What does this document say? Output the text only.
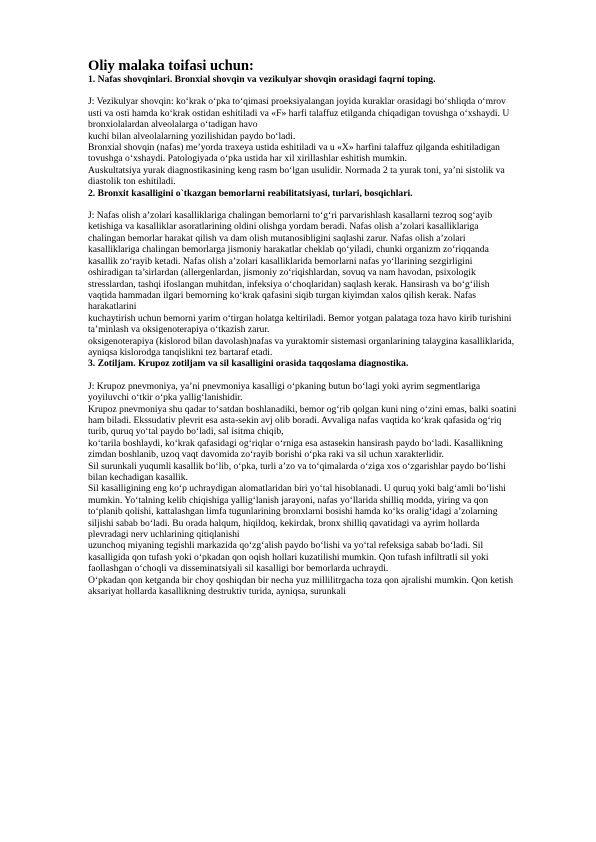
Oliy malaka toifasi uchun:
1. Nafas shovqinlari. Bronxial shovqin va vezikulyar shovqin orasidagi faqrni toping.

J: Vezikulyar shovqin: ko‘krak o‘pka to‘qimasi proeksiyalangan joyida kuraklar orasidagi bo‘shliqda o‘mrov usti va osti hamda ko‘krak ostidan eshitiladi va «F» harfi talaffuz etilganda chiqadigan tovushga o‘xshaydi. U bronxiolalardan alveolalarga o‘tadigan havo

kuchi bilan alveolalarning yozilishidan paydo bo‘ladi.

Bronxial shovqin (nafas) me’yorda traxeya ustida eshitiladi va u «X» harfini talaffuz qilganda eshitiladigan tovushga o‘xshaydi. Patologiyada o‘pka ustida har xil xirillashlar eshitish mumkin.

Auskultatsiya yurak diagnostikasining keng rasm bo‘lgan usulidir. Normada 2 ta yurak toni, ya’ni sistolik va diastolik ton eshitiladi.

2. Bronxit kasalligini o`tkazgan bemorlarni reabilitatsiyasi, turlari, bosqichlari.

J: Nafas olish a’zolari kasalliklariga chalingan bemorlarni to‘g‘ri parvarishlash kasallarni tezroq sog‘ayib ketishiga va kasalliklar asoratlarining oldini olishga yordam beradi. Nafas olish a’zolari kasalliklariga chalingan bemorlar harakat qilish va dam olish mutanosibligini saqlashi zarur. Nafas olish a’zolari kasalliklariga chalingan bemorlarga jismoniy harakatlar cheklab qo‘yiladi, chunki organizm zo‘riqqanda kasallik zo‘rayib ketadi. Nafas olish a’zolari kasalliklarida bemorlarni nafas yo‘llarining sezgirligini oshiradigan ta’sirlardan (allergenlardan, jismoniy zo‘riqishlardan, sovuq va nam havodan, psixologik stresslardan, tashqi ifoslangan muhitdan, infeksiya o‘choqlaridan) saqlash kerak. Hansirash va bo‘g‘ilish vaqtida hammadan ilgari bemorning ko‘krak qafasini siqib turgan kiyimdan xalos qilish kerak. Nafas harakatlarini

kuchaytirish uchun bemorni yarim o‘tirgan holatga keltiriladi. Bemor yotgan palataga toza havo kirib turishini ta’minlash va oksigenoterapiya o‘tkazish zarur.

oksigenoterapiya (kislorod bilan davolash)nafas va yuraktomir sistemasi organlarining talaygina kasalliklarida, ayniqsa kislorodga tanqislikni tez bartaraf etadi.

3. Zotiljam. Krupoz zotiljam va sil kasalligini orasida taqqoslama diagnostika.

J: Krupoz pnevmoniya, ya’ni pnevmoniya kasalligi o‘pkaning butun bo‘lagi yoki ayrim segmentlariga yoyiluvchi o‘tkir o‘pka yallig‘lanishidir.

Krupoz pnevmoniya shu qadar to‘satdan boshlanadiki, bemor og‘rib qolgan kuni ning o‘zini emas, balki soatini ham biladi. Ekssudativ plevrit esa asta-sekin avj olib boradi. Avvaliga nafas vaqtida ko‘krak qafasida og‘riq turib, quruq yo‘tal paydo bo‘ladi, sal isitma chiqib,

ko‘tarila boshlaydi, ko‘krak qafasidagi og‘riqlar o‘rniga esa astasekin hansirash paydo bo‘ladi. Kasallikning zimdan boshlanib, uzoq vaqt davomida zo‘rayib borishi o‘pka raki va sil uchun xarakterlidir.

Sil surunkali yuqumli kasallik bo‘lib, o‘pka, turli a’zo va to‘qimalarda o‘ziga xos o‘zgarishlar paydo bo‘lishi bilan kechadigan kasallik.

Sil kasalligining eng ko‘p uchraydigan alomatlaridan biri yo‘tal hisoblanadi. U quruq yoki balg‘amli bo‘lishi mumkin. Yo‘talning kelib chiqishiga yallig‘lanish jarayoni, nafas yo‘llarida shilliq modda, yiring va qon to‘planib qolishi, kattalashgan limfa tugunlarining bronxlarni bosishi hamda ko‘ks oralig‘idagi a’zolarning siljishi sabab bo‘ladi. Bu orada halqum, hiqildoq, kekirdak, bronx shilliq qavatidagi va ayrim hollarda plevradagi nerv uchlarining qitiqlanishi

uzunchoq miyaning tegishli markazida qo‘zg‘alish paydo bo‘lishi va yo‘tal refeksiga sabab bo‘ladi. Sil kasalligida qon tufash yoki o‘pkadan qon oqish hollari kuzatilishi mumkin. Qon tufash infiltratli sil yoki faollashgan o‘choqli va disseminatsiyali sil kasalligi bor bemorlarda uchraydi.

O‘pkadan qon ketganda bir choy qoshiqdan bir necha yuz millilitrgacha toza qon ajralishi mumkin. Qon ketish aksariyat hollarda kasallikning destruktiv turida, ayniqsa, surunkali
